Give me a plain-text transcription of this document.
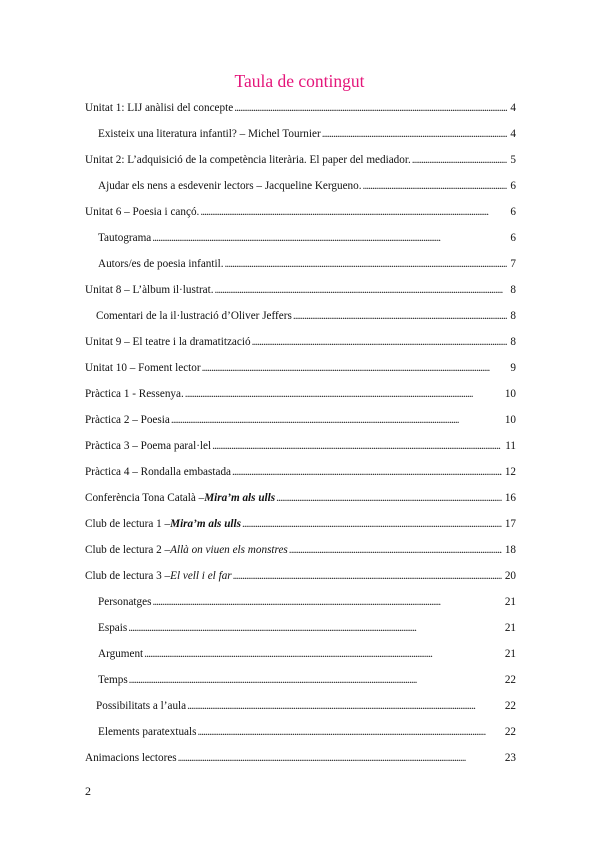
Taula de contingut
Unitat 1: LIJ anàlisi del concepte . . .	4
Existeix una literatura infantil? – Michel Tournier . . .	4
Unitat 2: L’adquisició de la competència literària. El paper del mediador. . . .	5
Ajudar els nens a esdevenir lectors – Jacqueline Kergueno. . . .	6
Unitat 6 – Poesia i cançó. . . .	6
Tautograma . . .	6
Autors/es de poesia infantil. . . .	7
Unitat 8 – L’àlbum il·lustrat. . . .	8
Comentari de la il·lustració d’Oliver Jeffers . . .	8
Unitat 9 – El teatre i la dramatització . . .	8
Unitat 10 – Foment lector . . .	9
Pràctica 1 - Ressenya. . . .	10
Pràctica 2 – Poesia . . .	10
Pràctica 3 – Poema paral·lel . . .	11
Pràctica 4 – Rondalla embastada . . .	12
Conferència Tona Català – Mira’m als ulls . . .	16
Club de lectura 1 – Mira’m als ulls . . .	17
Club de lectura 2 – Allà on viuen els monstres . . .	18
Club de lectura 3 – El vell i el far . . .	20
Personatges . . .	21
Espais . . .	21
Argument . . .	21
Temps . . .	22
Possibilitats a l’aula . . .	22
Elements paratextuals . . .	22
Animacions lectores . . .	23
2
